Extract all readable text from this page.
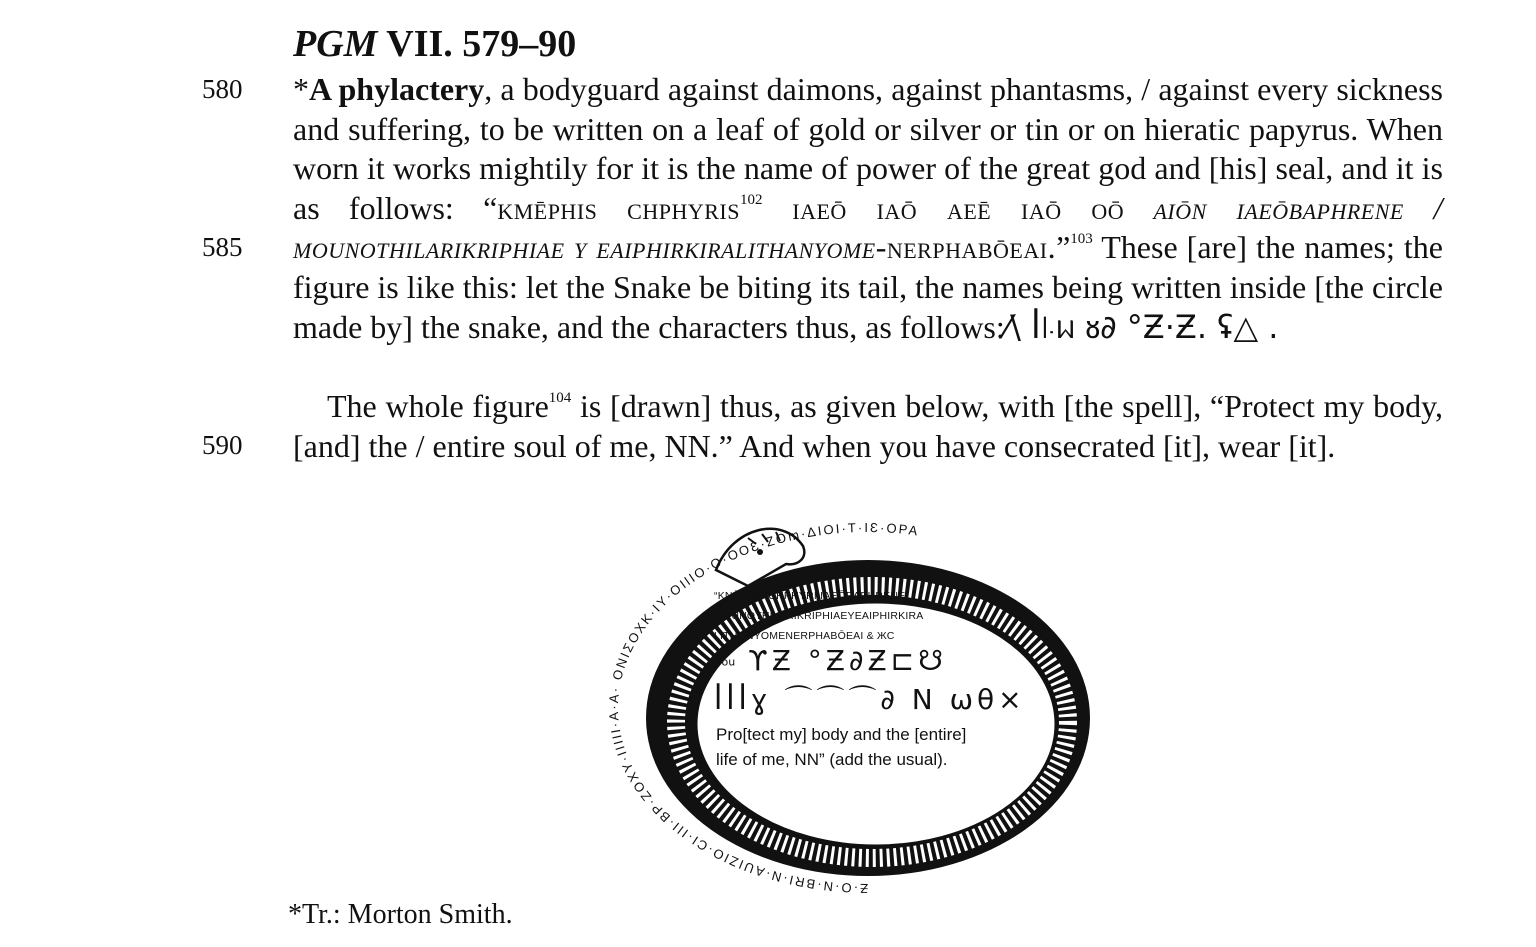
PGM VII. 579–90
580
585
590
*A phylactery, a bodyguard against daimons, against phantasms, / against every sickness and suffering, to be written on a leaf of gold or silver or tin or on hieratic papyrus. When worn it works mightily for it is the name of power of the great god and [his] seal, and it is as follows: “kmēphis chphyris$^{102}$ iaeō iaō aeē iaō oō aiōn iaeōbaphrene / mounothilarikriphiae y eaiphirkiralithanyome-nerphabōeai.”$^{103}$ These [are] the names; the figure is like this: let the Snake be biting its tail, the names being written inside [the circle made by] the snake, and the characters thus, as follows:⁄\ ꟾ꜐ᥕ ᴕ∂ °Ƶ·Ƶ. ʢ△ .
The whole figure$^{104}$ is [drawn] thus, as given below, with [the spell], “Protect my body, [and] the / entire soul of me, NN.” And when you have consecrated [it], wear [it].
Ƶ·O·N·BRI·N·AUIZIO·CI·III·ΒΡ·ZOXY·IIIII·A·A· ONIΣOXK·IY·OIIIO·O·OOƐ·ZOm·ΔIOI·T·IƐ·OPA
“KNĒPHIS CHPHYRI IAEŌBAPHRENE
MOUNOTHILARIKRIPHIAEYEAIPHIRKIRA
LITHONYOMENERPHABŌEAI & ЖC
Bou ϒƵ °Ƶ∂Ƶ⊏☋
ꟾꟾꟾɣ ⌒⌒⌒∂ N ωθ⨯
Pro[tect my] body and the [entire]
life of me, NN” (add the usual).
*Tr.: Morton Smith.
